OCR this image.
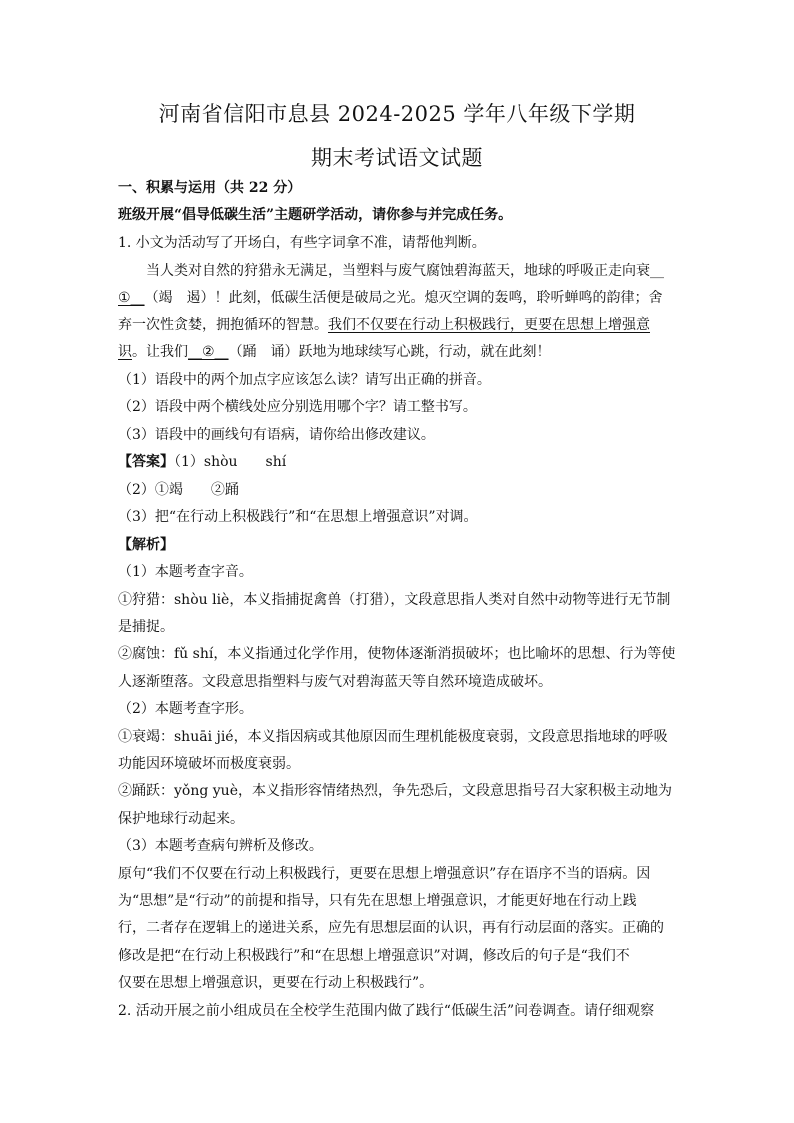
河南省信阳市息县 2024-2025 学年八年级下学期
期末考试语文试题
一、积累与运用（共 22 分）
班级开展“倡导低碳生活”主题研学活动，请你参与并完成任务。
1. 小文为活动写了开场白，有些字词拿不准，请帮他判断。
当人类对自然的狩猎永无满足，当塑料与废气腐蚀碧海蓝天，地球的呼吸正走向衰__
①__（竭　遏）！此刻，低碳生活便是破局之光。熄灭空调的轰鸣，聆听蝉鸣的韵律；舍
弃一次性贪婪，拥抱循环的智慧。我们不仅要在行动上积极践行，更要在思想上增强意
识。让我们__②__（踊　诵）跃地为地球续写心跳，行动，就在此刻！
（1）语段中的两个加点字应该怎么读？请写出正确的拼音。
（2）语段中两个横线处应分别选用哪个字？请工整书写。
（3）语段中的画线句有语病，请你给出修改建议。
【答案】（1）shòu　　shí
（2）①竭　　②踊
（3）把“在行动上积极践行”和“在思想上增强意识”对调。
【解析】
（1）本题考查字音。
①狩猎：shòu liè，本义指捕捉禽兽（打猎），文段意思指人类对自然中动物等进行无节制
是捕捉。
②腐蚀：fǔ shí，本义指通过化学作用，使物体逐渐消损破坏；也比喻坏的思想、行为等使
人逐渐堕落。文段意思指塑料与废气对碧海蓝天等自然环境造成破坏。
（2）本题考查字形。
①衰竭：shuāi jié，本义指因病或其他原因而生理机能极度衰弱，文段意思指地球的呼吸
功能因环境破坏而极度衰弱。
②踊跃：yǒng yuè，本义指形容情绪热烈，争先恐后，文段意思指号召大家积极主动地为
保护地球行动起来。
（3）本题考查病句辨析及修改。
原句“我们不仅要在行动上积极践行，更要在思想上增强意识”存在语序不当的语病。因
为“思想”是“行动”的前提和指导，只有先在思想上增强意识，才能更好地在行动上践
行，二者存在逻辑上的递进关系，应先有思想层面的认识，再有行动层面的落实。正确的
修改是把“在行动上积极践行”和“在思想上增强意识”对调，修改后的句子是“我们不
仅要在思想上增强意识，更要在行动上积极践行”。
2. 活动开展之前小组成员在全校学生范围内做了践行“低碳生活”问卷调查。请仔细观察
